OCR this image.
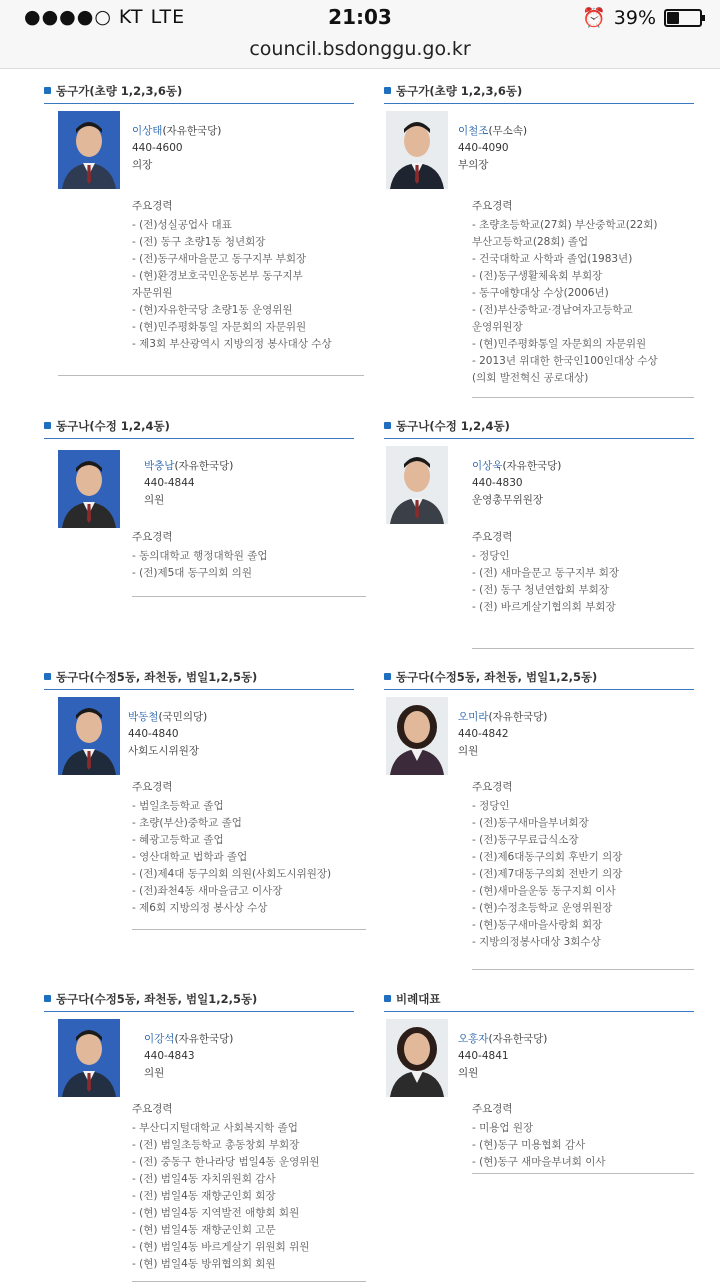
●●●●○ KT LTE	21:03	⏰ 39%
council.bsdonggu.go.kr
동구가(초량 1,2,3,6동)
이상태(자유한국당)
440-4600
의장
주요경력
- (전)성실공업사 대표
- (전) 동구 초량1동 청년회장
- (전)동구새마을문고 동구지부 부회장
- (현)환경보호국민운동본부 동구지부
자문위원
- (현)자유한국당 초량1동 운영위원
- (현)민주평화통일 자문회의 자문위원
- 제3회 부산광역시 지방의정 봉사대상 수상
동구가(초량 1,2,3,6동)
이철조(무소속)
440-4090
부의장
주요경력
- 초량초등학교(27회) 부산중학교(22회)
부산고등학교(28회) 졸업
- 건국대학교 사학과 졸업(1983년)
- (전)동구생활체육회 부회장
- 동구애향대상 수상(2006년)
- (전)부산중학교·경남여자고등학교
운영위원장
- (현)민주평화통일 자문회의 자문위원
- 2013년 위대한 한국인100인대상 수상
(의회 발전혁신 공로대상)
동구나(수정 1,2,4동)
박충남(자유한국당)
440-4844
의원
주요경력
- 동의대학교 행정대학원 졸업
- (전)제5대 동구의회 의원
동구나(수정 1,2,4동)
이상욱(자유한국당)
440-4830
운영총무위원장
주요경력
- 정당인
- (전) 새마을문고 동구지부 회장
- (전) 동구 청년연합회 부회장
- (전) 바르게살기협의회 부회장
동구다(수정5동, 좌천동, 범일1,2,5동)
박동철(국민의당)
440-4840
사회도시위원장
주요경력
- 범일초등학교 졸업
- 초량(부산)중학교 졸업
- 혜광고등학교 졸업
- 영산대학교 법학과 졸업
- (전)제4대 동구의회 의원(사회도시위원장)
- (전)좌천4동 새마을금고 이사장
- 제6회 지방의정 봉사상 수상
동구다(수정5동, 좌천동, 범일1,2,5동)
오미라(자유한국당)
440-4842
의원
주요경력
- 정당인
- (전)동구새마을부녀회장
- (전)동구무료급식소장
- (전)제6대동구의회 후반기 의장
- (전)제7대동구의회 전반기 의장
- (현)새마을운동 동구지회 이사
- (현)수정초등학교 운영위원장
- (현)동구새마을사랑회 회장
- 지방의정봉사대상 3회수상
동구다(수정5동, 좌천동, 범일1,2,5동)
이강석(자유한국당)
440-4843
의원
주요경력
- 부산디지털대학교 사회복지학 졸업
- (전) 범일초등학교 총동창회 부회장
- (전) 중동구 한나라당 범일4동 운영위원
- (전) 범일4동 자치위원회 감사
- (전) 범일4동 재향군인회 회장
- (현) 범일4동 지역발전 애향회 회원
- (현) 범일4동 재향군인회 고문
- (현) 범일4동 바르게살기 위원회 위원
- (현) 범일4동 방위협의회 회원
비례대표
오홍자(자유한국당)
440-4841
의원
주요경력
- 미용업 원장
- (현)동구 미용협회 감사
- (현)동구 새마을부녀회 이사
